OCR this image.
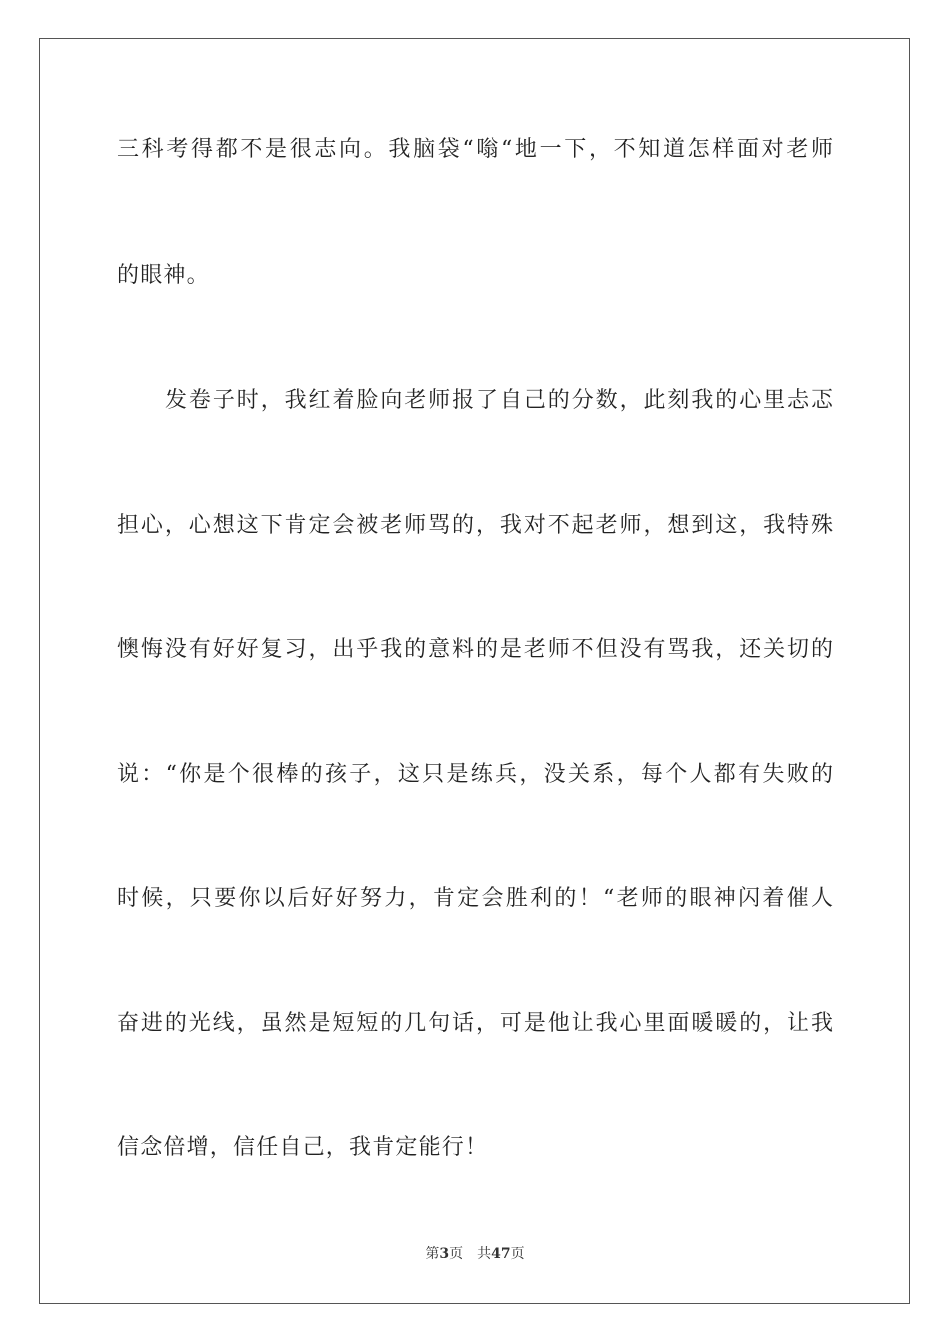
三科考得都不是很志向。我脑袋“嗡“地一下，不知道怎样面对老师
的眼神。
发卷子时，我红着脸向老师报了自己的分数，此刻我的心里忐忑
担心，心想这下肯定会被老师骂的，我对不起老师，想到这，我特殊
懊悔没有好好复习，出乎我的意料的是老师不但没有骂我，还关切的
说：“你是个很棒的孩子，这只是练兵，没关系，每个人都有失败的
时候，只要你以后好好努力，肯定会胜利的！“老师的眼神闪着催人
奋进的光线，虽然是短短的几句话，可是他让我心里面暖暖的，让我
信念倍增，信任自己，我肯定能行！
第3页 共47页
